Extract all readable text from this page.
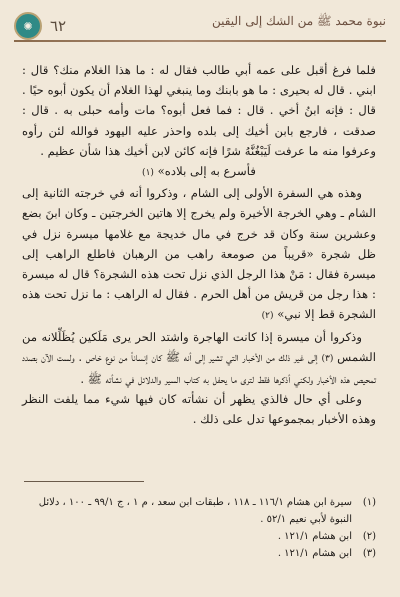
✺	٦٢	نبوة محمد ﷺ من الشك إلى اليقين

فلما فرغ أقبل على عمه أبي طالب فقال له : ما هذا الغلام منك؟ قال : ابني . قال له بحيرى : ما هو بابنك وما ينبغي لهذا الغلام أن يكون أبوه حيًا . قال : فإنه ابنُ أخي . قال : فما فعل أبوه؟ مات وأمه حبلى به . قال : صدقت ، فارجع بابن أخيك إلى بلده واحذر عليه اليهود فوالله لئن رأوه وعرفوا منه ما عرفت لَيَبْغُنَّهُ شرًا فإنه كائن لابن أخيك هذا شأن عظيم .

فأسرع به إلى بلاده» (١)

وهذه هي السفرة الأولى إلى الشام ، وذكروا أنه في خرجته الثانية إلى الشام ـ وهي الخرجة الأخيرة ولم يخرج إلا هاتين الخرجتين ـ وكان ابنَ بضع وعشرين سنة وكان قد خرج في مال خديجة مع غلامها ميسرة نزل في ظل شجرة «قريباً من صومعة راهب من الرهبان فاطلع الراهب إلى ميسرة فقال : مَنْ هذا الرجل الذي نزل تحت هذه الشجرة؟ قال له ميسرة : هذا رجل من قريش من أهل الحرم . فقال له الراهب : ما نزل تحت هذه الشجرة قط إلا نبي» (٢)

وذكروا أن ميسرة إذا كانت الهاجرة واشتد الحر يرى مَلَكين يُظَلِّلانه من الشمس (٣) إلى غير ذلك من الأخبار التي تشير إلى أنه ﷺ كان إنساناً من نوع خاص . ولست الآن بصدد تمحيص هذه الأخبار ولكني أذكرها فقط لترى ما يحفل به كتاب السير والدلائل في نشأته ﷺ .

وعلى أي حال فالذي يظهر أن نشأته كان فيها شيء مما يلفت النظر وهذه الأخبار بمجموعها تدل على ذلك .

(١)
سيرة ابن هشام ١١٦/١ ـ ١١٨ ، طبقات ابن سعد ، م ١ ، ج ٩٩/١ ـ ١٠٠ ، دلائل النبوة لأبي نعيم ٥٢/١ .
(٢)
ابن هشام ١٢١/١ .
(٣)
ابن هشام ١٢١/١ .
